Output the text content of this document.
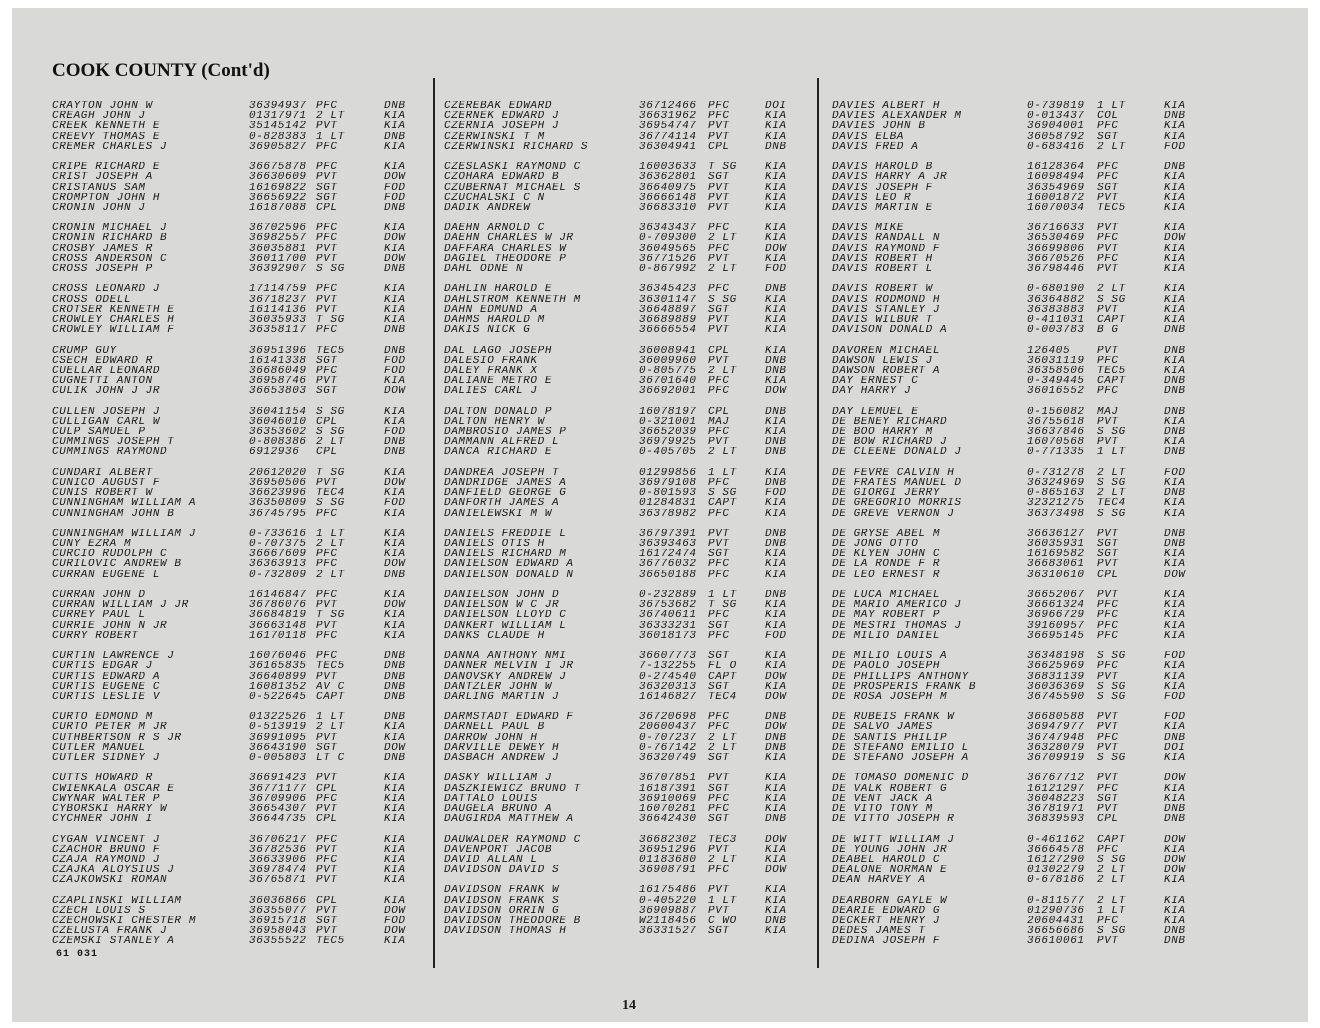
COOK COUNTY (Cont'd)
CRAYTON JOHN W	36394937 PFC	DNB
CREAGH JOHN J	01317971 2 LT	KIA
CREEK KENNETH E	35145142 PVT	KIA
CREEVY THOMAS E	0-828383 1 LT	DNB
CREMER CHARLES J	36905827 PFC	KIA
CRIPE RICHARD E	36675878 PFC	KIA
CRIST JOSEPH A	36630609 PVT	DOW
CRISTANUS SAM	16169822 SGT	FOD
CROMPTON JOHN H	36656922 SGT	FOD
CRONIN JOHN J	16187088 CPL	DNB
CRONIN MICHAEL J	36702596 PFC	KIA
CRONIN RICHARD B	36982557 PFC	DOW
CROSBY JAMES R	36035881 PVT	KIA
CROSS ANDERSON C	36011700 PVT	DOW
CROSS JOSEPH P	36392907 S SG	DNB
CROSS LEONARD J	17114759 PFC	KIA
CROSS ODELL	36718237 PVT	KIA
CROTSER KENNETH E	16114136 PVT	KIA
CROWLEY CHARLES H	36035933 T SG	KIA
CROWLEY WILLIAM F	36358117 PFC	DNB
CRUMP GUY	36951396 TEC5	DNB
CSECH EDWARD R	16141338 SGT	FOD
CUELLAR LEONARD	36686049 PFC	FOD
CUGNETTI ANTON	36958746 PVT	KIA
CULIK JOHN J JR	36653803 SGT	DOW
CULLEN JOSEPH J	36041154 S SG	KIA
CULLIGAN CARL W	36046010 CPL	KIA
CULP SAMUEL P	36353602 S SG	FOD
CUMMINGS JOSEPH T	0-808386 2 LT	DNB
CUMMINGS RAYMOND	6912936	CPL	DNB
CUNDARI ALBERT	20612020 T SG	KIA
CUNICO AUGUST F	36950506 PVT	DOW
CUNIS ROBERT W	36623996 TEC4	KIA
CUNNINGHAM WILLIAM A	36350809 S SG	FOD
CUNNINGHAM JOHN B	36745795 PFC	KIA
CUNNINGHAM WILLIAM J	0-733616 1 LT	KIA
CUNY EZRA M	0-707375 2 LT	KIA
CURCIO RUDOLPH C	36667609 PFC	KIA
CURILOVIC ANDREW B	36363913 PFC	DOW
CURRAN EUGENE L	0-732809 2 LT	DNB
CURRAN JOHN D	16146847 PFC	KIA
CURRAN WILLIAM J JR	36786076 PVT	DOW
CURREY PAUL L	36684819 T SG	KIA
CURRIE JOHN N JR	36663148 PVT	KIA
CURRY ROBERT	16170118 PFC	KIA
CURTIN LAWRENCE J	16076046 PFC	DNB
CURTIS EDGAR J	36165835 TEC5	DNB
CURTIS EDWARD A	36640899 PVT	DNB
CURTIS EUGENE C	16081352 AV C	DNB
CURTIS LESLIE V	0-522645 CAPT	DNB
CURTO EDMOND M	01322526 1 LT	DNB
CURTO PETER M JR	0-513919 2 LT	KIA
CUTHBERTSON R S JR	36991095 PVT	KIA
CUTLER MANUEL	36643190 SGT	DOW
CUTLER SIDNEY J	0-005803 LT C	DNB
CUTTS HOWARD R	36691423 PVT	KIA
CWIENKALA OSCAR E	36771177 CPL	KIA
CWYNAR WALTER P	36709906 PFC	KIA
CYBORSKI HARRY W	36654307 PVT	KIA
CYCHNER JOHN I	36644735 CPL	KIA
CYGAN VINCENT J	36706217 PFC	KIA
CZACHOR BRUNO F	36782536 PVT	KIA
CZAJA RAYMOND J	36633906 PFC	KIA
CZAJKA ALOYSIUS J	36978474 PVT	KIA
CZAJKOWSKI ROMAN	36765871 PVT	KIA
CZAPLINSKI WILLIAM	36036866 CPL	KIA
CZECH LOUIS S	36355077 PVT	DOW
CZECHOWSKI CHESTER M	36915718 SGT	FOD
CZELUSTA FRANK J	36958043 PVT	DOW
CZEMSKI STANLEY A	36355522 TEC5	KIA
CZEREBAK EDWARD	36712466	PFC	DOI
CZERNEK EDWARD J	36631962	PFC	KIA
CZERNIA JOSEPH J	36954747	PVT	KIA
CZERWINSKI T M	36774114	PVT	KIA
CZERWINSKI RICHARD S	36304941	CPL	DNB
CZESLASKI RAYMOND C	16003633	T SG	KIA
CZOHARA EDWARD B	36362801	SGT	KIA
CZUBERNAT MICHAEL S	36640975	PVT	KIA
CZUCHALSKI C N	36666148	PVT	KIA
DADIK ANDREW	36683310	PVT	KIA
DAEHN ARNOLD C	36343437	PFC	KIA
DAEHN CHARLES W JR	0-709300	2 LT	KIA
DAFFARA CHARLES W	36049565	PFC	DOW
DAGIEL THEODORE P	36771526	PVT	KIA
DAHL ODNE N	0-867992	2 LT	FOD
DAHLIN HAROLD E	36345423	PFC	DNB
DAHLSTROM KENNETH M	36301147	S SG	KIA
DAHN EDMUND A	36648897	SGT	KIA
DAHMS HAROLD M	36689889	PVT	KIA
DAKIS NICK G	36666554	PVT	KIA
DAL LAGO JOSEPH	36008941	CPL	KIA
DALESIO FRANK	36009960	PVT	DNB
DALEY FRANK X	0-805775	2 LT	DNB
DALIANE METRO E	36701640	PFC	KIA
DALIES CARL J	36692001	PFC	DOW
DALTON DONALD P	16078197	CPL	DNB
DALTON HENRY W	0-321001	MAJ	KIA
DAMBROSIO JAMES P	36652039	PFC	KIA
DAMMANN ALFRED L	36979925	PVT	DNB
DANCA RICHARD E	0-405705	2 LT	DNB
DANDREA JOSEPH T	01299856	1 LT	KIA
DANDRIDGE JAMES A	36979108	PFC	DNB
DANFIELD GEORGE G	0-801593	S SG	FOD
DANFORTH JAMES A	01284831	CAPT	KIA
DANIELEWSKI M W	36378982	PFC	KIA
DANIELS FREDDIE L	36797391	PVT	DNB
DANIELS OTIS H	36393463	PVT	DNB
DANIELS RICHARD M	16172474	SGT	KIA
DANIELSON EDWARD A	36776032	PFC	KIA
DANIELSON DONALD N	36650188	PFC	KIA
DANIELSON JOHN D	0-232889	1 LT	DNB
DANIELSON W C JR	36753682	T SG	KIA
DANIELSON LLOYD C	36740611	PFC	KIA
DANKERT WILLIAM L	36333231	SGT	KIA
DANKS CLAUDE H	36018173	PFC	FOD
DANNA ANTHONY NMI	36607773	SGT	KIA
DANNER MELVIN I JR	7-132255	FL O	KIA
DANOVSKY ANDREW J	0-274540	CAPT	DOW
DANTZLER JOHN W	36320313	SGT	KIA
DARLING MARTIN J	16146827	TEC4	DOW
DARMSTADT EDWARD F	36720698	PFC	DNB
DARNELL PAUL B	20600437	PFC	DOW
DARROW JOHN H	0-707237	2 LT	DNB
DARVILLE DEWEY H	0-767142	2 LT	DNB
DASBACH ANDREW J	36320749	SGT	KIA
DASKY WILLIAM J	36707851	PVT	KIA
DASZKIEWICZ BRUNO T	16187391	SGT	KIA
DATTALO LOUIS	36910069	PFC	KIA
DAUGELA BRUNO A	16070281	PFC	KIA
DAUGIRDA MATTHEW A	36642430	SGT	DNB
DAUWALDER RAYMOND C	36682302	TEC3	DOW
DAVENPORT JACOB	36951296	PVT	KIA
DAVID ALLAN L	01183680	2 LT	KIA
DAVIDSON DAVID S	36908791	PFC	DOW
DAVIDSON FRANK W	16175486	PVT	KIA
DAVIDSON FRANK S	0-405220	1 LT	KIA
DAVIDSON ORRIN G	36909887	PVT	KIA
DAVIDSON THEODORE B	W2118456	C WO	DNB
DAVIDSON THOMAS H	36331527	SGT	KIA
DAVIES ALBERT H	0-739819	1 LT	KIA
DAVIES ALEXANDER M	0-013437	COL	DNB
DAVIES JOHN B	36904001	PFC	KIA
DAVIS ELBA	36058792	SGT	KIA
DAVIS FRED A	0-683416	2 LT	FOD
DAVIS HAROLD B	16128364	PFC	DNB
DAVIS HARRY A JR	16098494	PFC	KIA
DAVIS JOSEPH F	36354969	SGT	KIA
DAVIS LEO R	16001872	PVT	KIA
DAVIS MARTIN E	16070034	TEC5	KIA
DAVIS MIKE	36716633	PVT	KIA
DAVIS RANDALL N	36530469	PFC	DOW
DAVIS RAYMOND F	36699806	PVT	KIA
DAVIS ROBERT H	36670526	PFC	KIA
DAVIS ROBERT L	36798446	PVT	KIA
DAVIS ROBERT W	0-680190	2 LT	KIA
DAVIS RODMOND H	36364882	S SG	KIA
DAVIS STANLEY J	36383883	PVT	KIA
DAVIS WILBUR T	0-411031	CAPT	KIA
DAVISON DONALD A	0-003783	B G	DNB
DAVOREN MICHAEL	126405	PVT	DNB
DAWSON LEWIS J	36031119	PFC	KIA
DAWSON ROBERT A	36358506	TEC5	KIA
DAY ERNEST C	0-349445	CAPT	DNB
DAY HARRY J	36016552	PFC	DNB
DAY LEMUEL E	0-156082	MAJ	DNB
DE BENEY RICHARD	36755618	PVT	KIA
DE BOO HARRY M	36637846	S SG	DNB
DE BOW RICHARD J	16070568	PVT	KIA
DE CLEENE DONALD J	0-771335	1 LT	DNB
DE FEVRE CALVIN H	0-731278	2 LT	FOD
DE FRATES MANUEL D	36324969	S SG	KIA
DE GIORGI JERRY	0-865163	2 LT	DNB
DE GREGORIO MORRIS	32321275	TEC4	KIA
DE GREVE VERNON J	36373498	S SG	KIA
DE GRYSE ABEL M	36636127	PVT	DNB
DE JONG OTTO	36035931	SGT	DNB
DE KLYEN JOHN C	16169582	SGT	KIA
DE LA RONDE F R	36683061	PVT	KIA
DE LEO ERNEST R	36310610	CPL	DOW
DE LUCA MICHAEL	36652067	PVT	KIA
DE MARIO AMERICO J	36661324	PFC	KIA
DE MAY ROBERT P	36966729	PFC	KIA
DE MESTRI THOMAS J	39160957	PFC	KIA
DE MILIO DANIEL	36695145	PFC	KIA
DE MILIO LOUIS A	36348198	S SG	FOD
DE PAOLO JOSEPH	36625969	PFC	KIA
DE PHILLIPS ANTHONY	36831139	PVT	KIA
DE PROSPERIS FRANK B	36036369	S SG	KIA
DE ROSA JOSEPH M	36745590	S SG	FOD
DE RUBEIS FRANK W	36680588	PVT	FOD
DE SALVO JAMES	36947977	PVT	KIA
DE SANTIS PHILIP	36747948	PFC	DNB
DE STEFANO EMILIO L	36328079	PVT	DOI
DE STEFANO JOSEPH A	36709919	S SG	KIA
DE TOMASO DOMENIC D	36767712	PVT	DOW
DE VALK ROBERT G	16121297	PFC	KIA
DE VENT JACK A	36048223	SGT	KIA
DE VITO TONY M	36781971	PVT	DNB
DE VITTO JOSEPH R	36839593	CPL	DNB
DE WITT WILLIAM J	0-461162	CAPT	DOW
DE YOUNG JOHN JR	36664578	PFC	KIA
DEABEL HAROLD C	16127290	S SG	DOW
DEALONE NORMAN E	01302279	2 LT	DOW
DEAN HARVEY A	0-678186	2 LT	KIA
DEARBORN GAYLE W	0-811577	2 LT	KIA
DEARIE EDWARD G	01290736	1 LT	KIA
DECKERT HENRY J	20604431	PFC	KIA
DEDES JAMES T	36656686	S SG	DNB
DEDINA JOSEPH F	36610061	PVT	DNB
61 031
14
